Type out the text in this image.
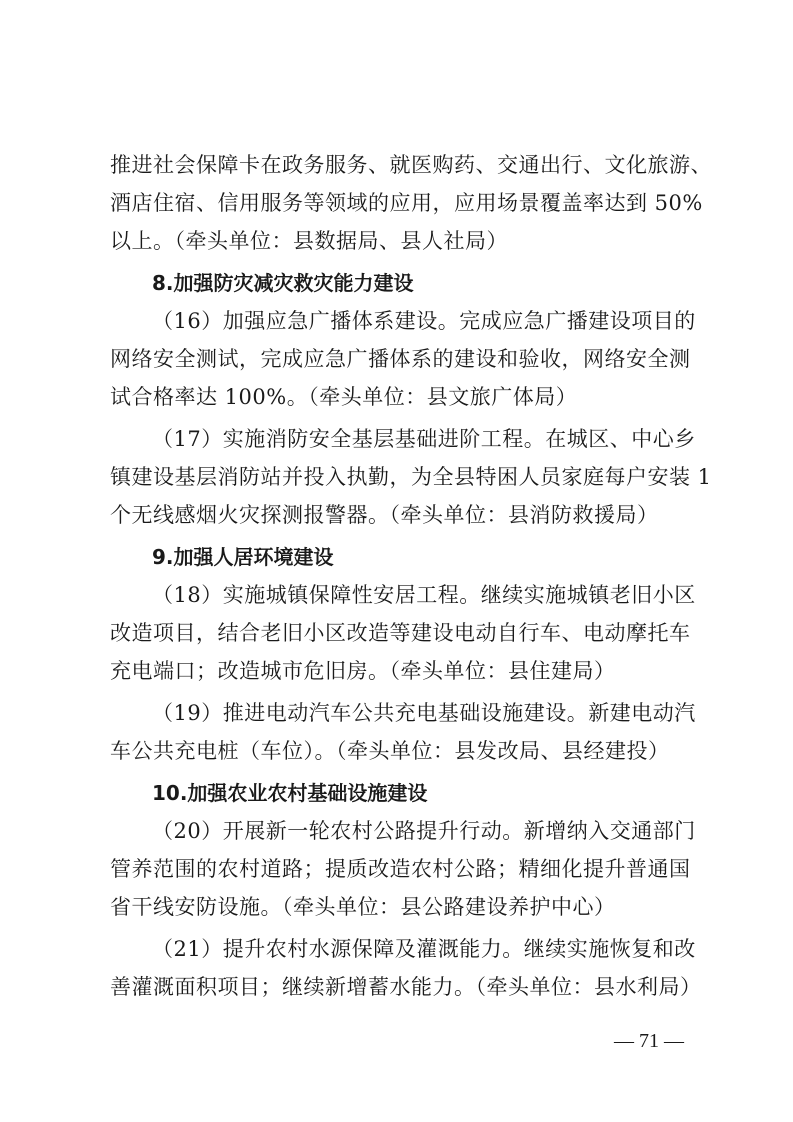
推进社会保障卡在政务服务、就医购药、交通出行、文化旅游、
酒店住宿、信用服务等领域的应用，应用场景覆盖率达到 50%
以上。（牵头单位：县数据局、县人社局）
8.加强防灾减灾救灾能力建设
（16）加强应急广播体系建设。完成应急广播建设项目的
网络安全测试，完成应急广播体系的建设和验收，网络安全测
试合格率达 100%。（牵头单位：县文旅广体局）
（17）实施消防安全基层基础进阶工程。在城区、中心乡
镇建设基层消防站并投入执勤，为全县特困人员家庭每户安装 1
个无线感烟火灾探测报警器。（牵头单位：县消防救援局）
9.加强人居环境建设
（18）实施城镇保障性安居工程。继续实施城镇老旧小区
改造项目，结合老旧小区改造等建设电动自行车、电动摩托车
充电端口；改造城市危旧房。（牵头单位：县住建局）
（19）推进电动汽车公共充电基础设施建设。新建电动汽
车公共充电桩（车位）。（牵头单位：县发改局、县经建投）
10.加强农业农村基础设施建设
（20）开展新一轮农村公路提升行动。新增纳入交通部门
管养范围的农村道路；提质改造农村公路；精细化提升普通国
省干线安防设施。（牵头单位：县公路建设养护中心）
（21）提升农村水源保障及灌溉能力。继续实施恢复和改
善灌溉面积项目；继续新增蓄水能力。（牵头单位：县水利局）
— 71 —
